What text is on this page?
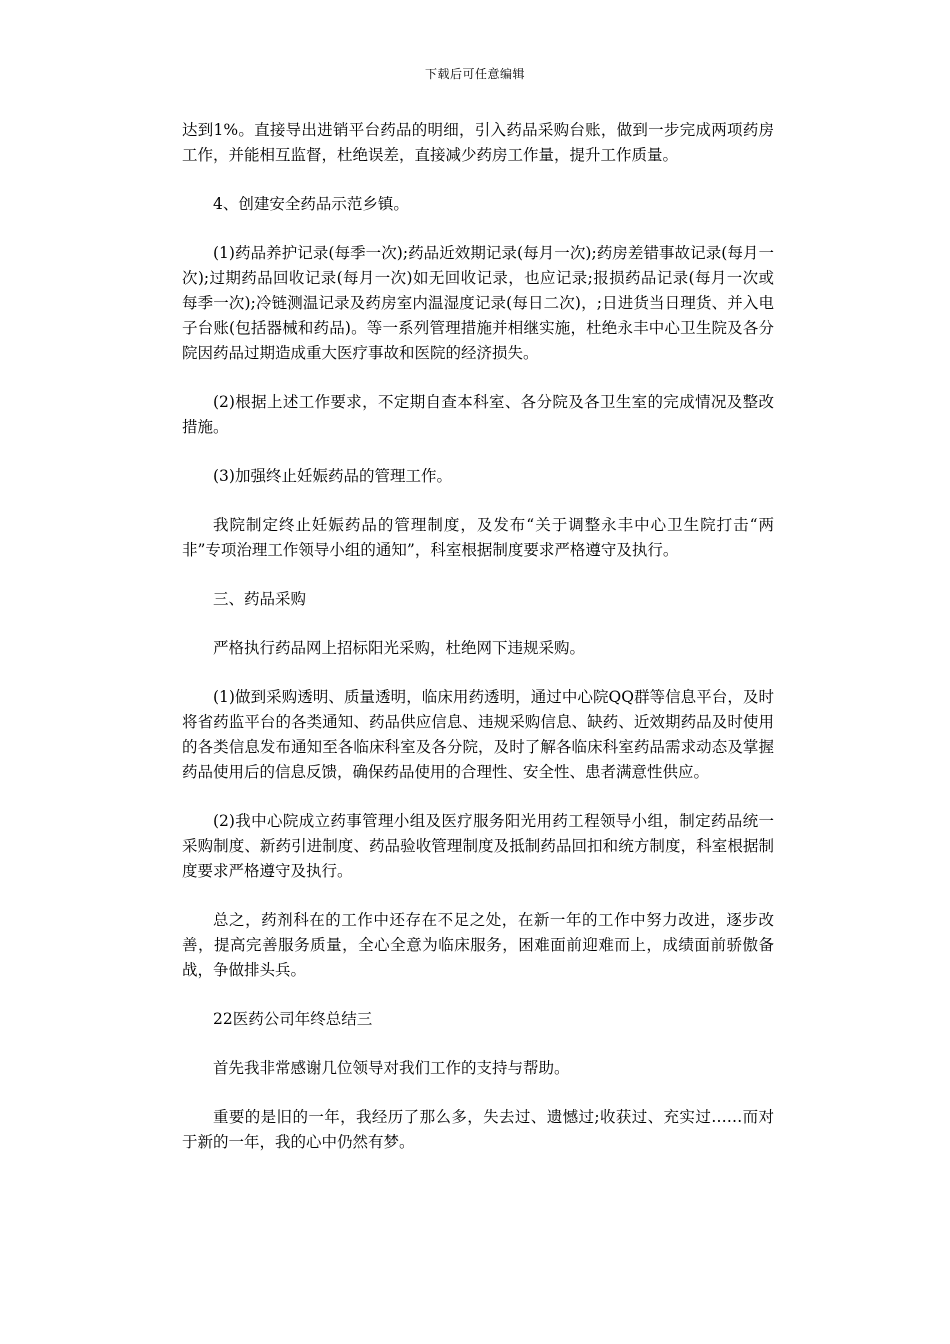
下载后可任意编辑

达到1%。直接导出进销平台药品的明细，引入药品采购台账，做到一步完成两项药房工作，并能相互监督，杜绝误差，直接减少药房工作量，提升工作质量。

4、创建安全药品示范乡镇。

(1)药品养护记录(每季一次);药品近效期记录(每月一次);药房差错事故记录(每月一次);过期药品回收记录(每月一次)如无回收记录，也应记录;报损药品记录(每月一次或每季一次);冷链测温记录及药房室内温湿度记录(每日二次)，;日进货当日理货、并入电子台账(包括器械和药品)。等一系列管理措施并相继实施，杜绝永丰中心卫生院及各分院因药品过期造成重大医疗事故和医院的经济损失。

(2)根据上述工作要求，不定期自查本科室、各分院及各卫生室的完成情况及整改措施。

(3)加强终止妊娠药品的管理工作。

我院制定终止妊娠药品的管理制度，及发布“关于调整永丰中心卫生院打击“两非”专项治理工作领导小组的通知”，科室根据制度要求严格遵守及执行。

三、药品采购

严格执行药品网上招标阳光采购，杜绝网下违规采购。

(1)做到采购透明、质量透明，临床用药透明，通过中心院QQ群等信息平台，及时将省药监平台的各类通知、药品供应信息、违规采购信息、缺药、近效期药品及时使用的各类信息发布通知至各临床科室及各分院，及时了解各临床科室药品需求动态及掌握药品使用后的信息反馈，确保药品使用的合理性、安全性、患者满意性供应。

(2)我中心院成立药事管理小组及医疗服务阳光用药工程领导小组，制定药品统一采购制度、新药引进制度、药品验收管理制度及抵制药品回扣和统方制度，科室根据制度要求严格遵守及执行。

总之，药剂科在的工作中还存在不足之处，在新一年的工作中努力改进，逐步改善，提高完善服务质量，全心全意为临床服务，困难面前迎难而上，成绩面前骄傲备战，争做排头兵。

22医药公司年终总结三

首先我非常感谢几位领导对我们工作的支持与帮助。

重要的是旧的一年，我经历了那么多，失去过、遗憾过;收获过、充实过……而对于新的一年，我的心中仍然有梦。
